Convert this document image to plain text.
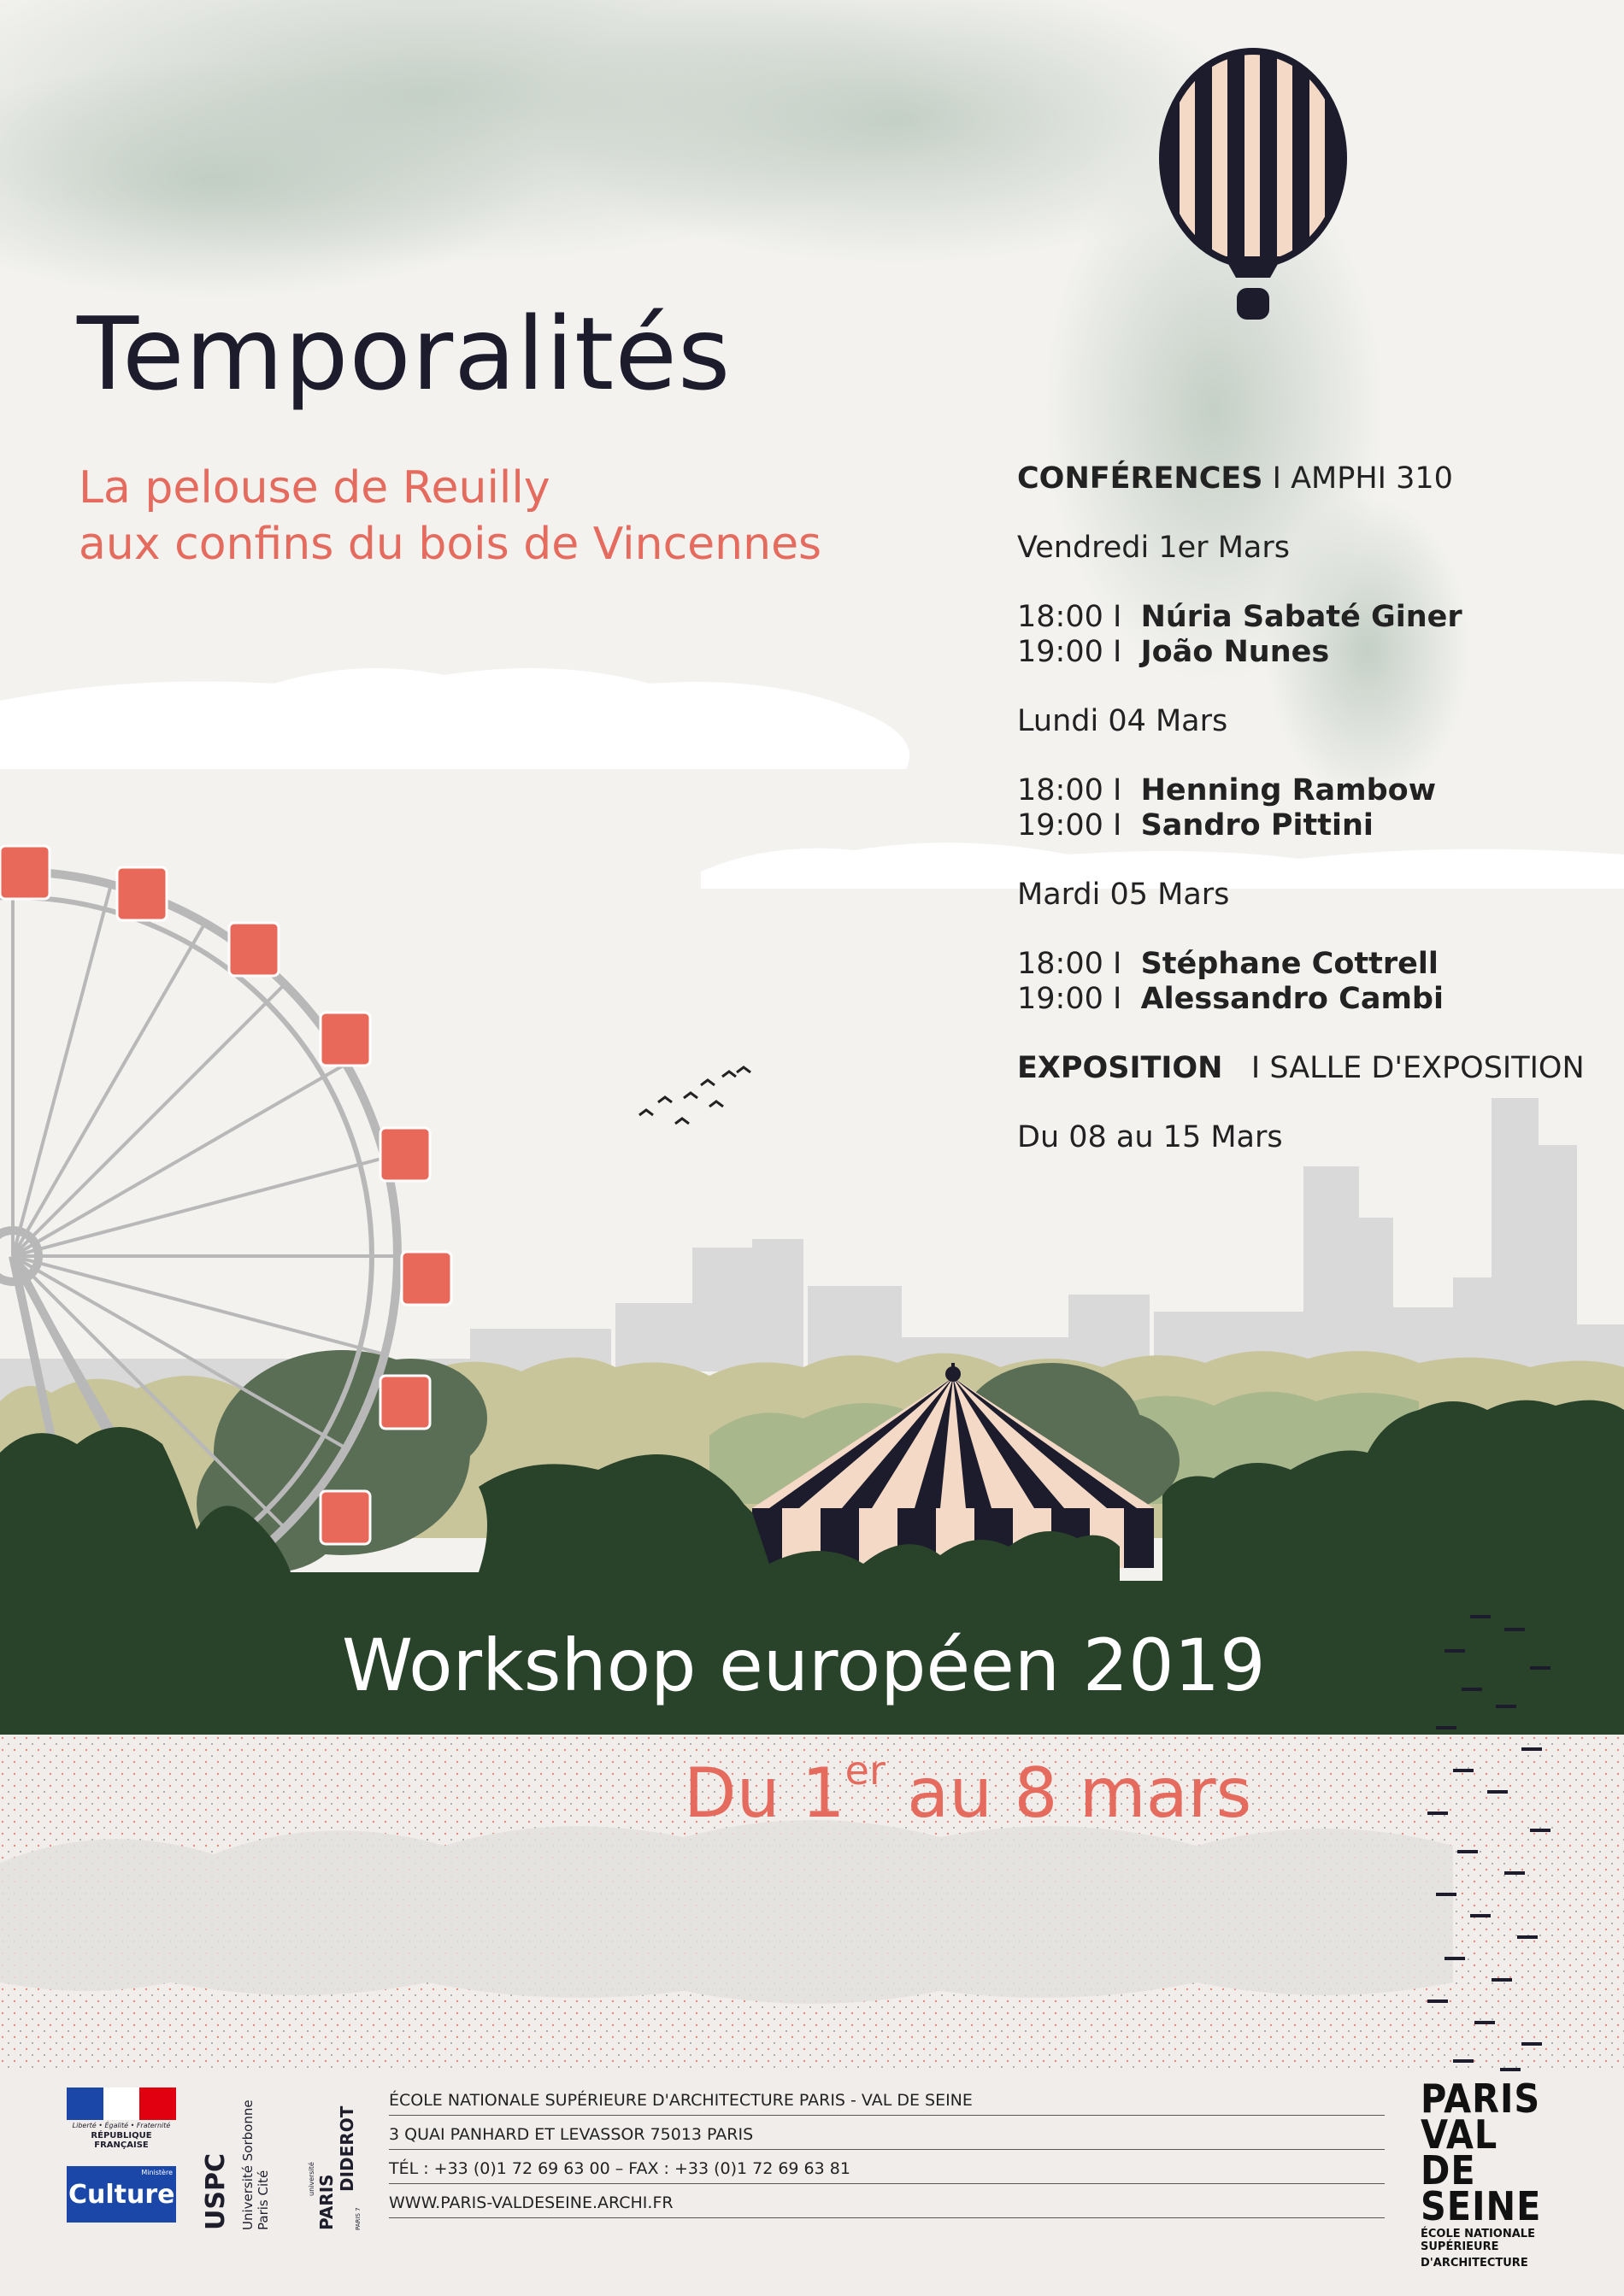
Temporalités
La pelouse de Reuilly
aux confins du bois de Vincennes
CONFÉRENCES I AMPHI 310
Vendredi 1er Mars
18:00 I Núria Sabaté Giner
19:00 I João Nunes
Lundi 04 Mars
18:00 I Henning Rambow
19:00 I Sandro Pittini
Mardi 05 Mars
18:00 I Stéphane Cottrell
19:00 I Alessandro Cambi
EXPOSITION I SALLE D'EXPOSITION
Du 08 au 15 Mars
Workshop européen 2019
Du 1er au 8 mars
Liberté • Égalité • Fraternité
RÉPUBLIQUE FRANÇAISE
Ministère
Culture USPC Université Sorbonne Paris Cité	université PARIS
DIDEROT
PARIS 7
ÉCOLE NATIONALE SUPÉRIEURE D'ARCHITECTURE PARIS - VAL DE SEINE
3 QUAI PANHARD ET LEVASSOR 75013 PARIS
TÉL : +33 (0)1 72 69 63 00 – FAX : +33 (0)1 72 69 63 81
WWW.PARIS-VALDESEINE.ARCHI.FR
PARIS
VAL DE
SEINE
ÉCOLE NATIONALE SUPÉRIEURE
D'ARCHITECTURE
